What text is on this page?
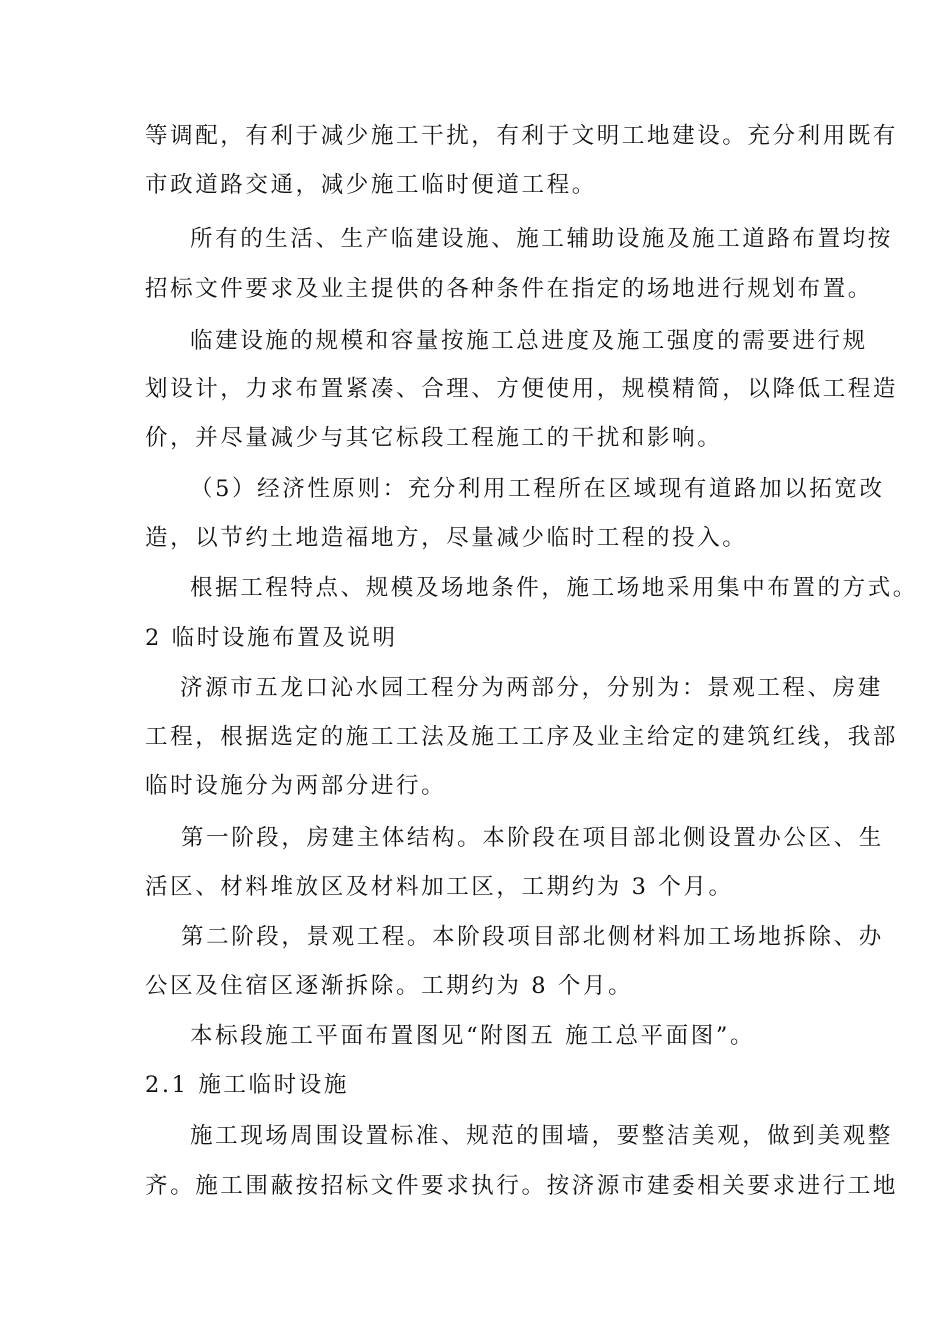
等调配，有利于减少施工干扰，有利于文明工地建设。充分利用既有
市政道路交通，减少施工临时便道工程。
所有的生活、生产临建设施、施工辅助设施及施工道路布置均按
招标文件要求及业主提供的各种条件在指定的场地进行规划布置。
临建设施的规模和容量按施工总进度及施工强度的需要进行规
划设计，力求布置紧凑、合理、方便使用，规模精简，以降低工程造
价，并尽量减少与其它标段工程施工的干扰和影响。
（5）经济性原则：充分利用工程所在区域现有道路加以拓宽改
造，以节约土地造福地方，尽量减少临时工程的投入。
根据工程特点、规模及场地条件，施工场地采用集中布置的方式。
2 临时设施布置及说明
济源市五龙口沁水园工程分为两部分，分别为：景观工程、房建
工程，根据选定的施工工法及施工工序及业主给定的建筑红线，我部
临时设施分为两部分进行。
第一阶段，房建主体结构。本阶段在项目部北侧设置办公区、生
活区、材料堆放区及材料加工区，工期约为 3 个月。
第二阶段，景观工程。本阶段项目部北侧材料加工场地拆除、办
公区及住宿区逐渐拆除。工期约为 8 个月。
本标段施工平面布置图见“附图五 施工总平面图”。
2.1 施工临时设施
施工现场周围设置标准、规范的围墙，要整洁美观，做到美观整
齐。施工围蔽按招标文件要求执行。按济源市建委相关要求进行工地
